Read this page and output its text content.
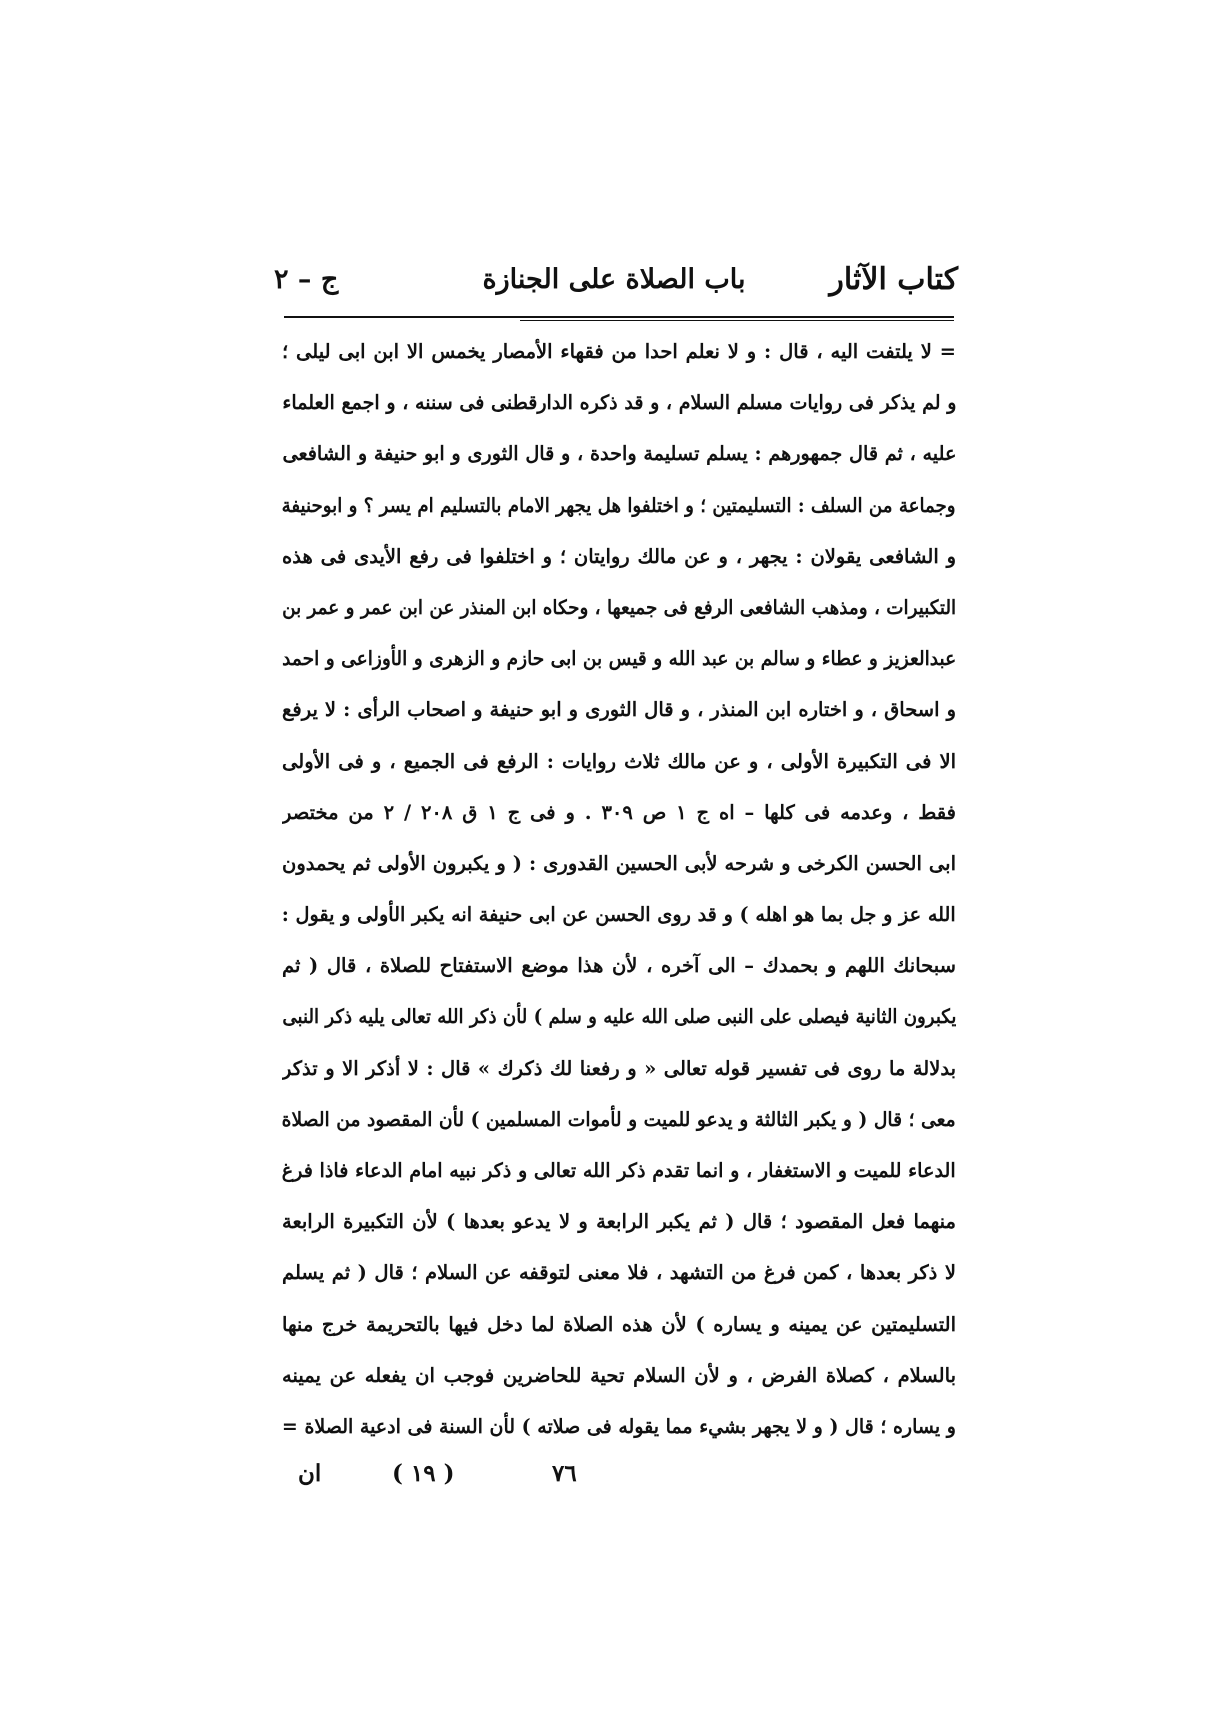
كتاب الآثار
باب الصلاة على الجنازة
ج – ٢
= لا يلتفت اليه ، قال : و لا نعلم احدا من فقهاء الأمصار يخمس الا ابن ابى ليلى ؛
و لم يذكر فى روايات مسلم السلام ، و قد ذكره الدارقطنى فى سننه ، و اجمع العلماء
عليه ، ثم قال جمهورهم : يسلم تسليمة واحدة ، و قال الثورى و ابو حنيفة و الشافعى
وجماعة من السلف : التسليمتين ؛ و اختلفوا هل يجهر الامام بالتسليم ام يسر ؟ و ابوحنيفة
و الشافعى يقولان : يجهر ، و عن مالك روايتان ؛ و اختلفوا فى رفع الأيدى فى هذه
التكبيرات ، ومذهب الشافعى الرفع فى جميعها ، وحكاه ابن المنذر عن ابن عمر و عمر بن
عبدالعزيز و عطاء و سالم بن عبد الله و قيس بن ابى حازم و الزهرى و الأوزاعى و احمد
و اسحاق ، و اختاره ابن المنذر ، و قال الثورى و ابو حنيفة و اصحاب الرأى : لا يرفع
الا فى التكبيرة الأولى ، و عن مالك ثلاث روايات : الرفع فى الجميع ، و فى الأولى
فقط ، وعدمه فى كلها – اه ج ١ ص ٣٠٩ . و فى ج ١ ق ٢٠٨ / ٢ من مختصر
ابى الحسن الكرخى و شرحه لأبى الحسين القدورى : ( و يكبرون الأولى ثم يحمدون
الله عز و جل بما هو اهله ) و قد روى الحسن عن ابى حنيفة انه يكبر الأولى و يقول :
سبحانك اللهم و بحمدك – الى آخره ، لأن هذا موضع الاستفتاح للصلاة ، قال ( ثم
يكبرون الثانية فيصلى على النبى صلى الله عليه و سلم ) لأن ذكر الله تعالى يليه ذكر النبى
بدلالة ما روى فى تفسير قوله تعالى « و رفعنا لك ذكرك » قال : لا أذكر الا و تذكر
معى ؛ قال ( و يكبر الثالثة و يدعو للميت و لأموات المسلمين ) لأن المقصود من الصلاة
الدعاء للميت و الاستغفار ، و انما تقدم ذكر الله تعالى و ذكر نبيه امام الدعاء فاذا فرغ
منهما فعل المقصود ؛ قال ( ثم يكبر الرابعة و لا يدعو بعدها ) لأن التكبيرة الرابعة
لا ذكر بعدها ، كمن فرغ من التشهد ، فلا معنى لتوقفه عن السلام ؛ قال ( ثم يسلم
التسليمتين عن يمينه و يساره ) لأن هذه الصلاة لما دخل فيها بالتحريمة خرج منها
بالسلام ، كصلاة الفرض ، و لأن السلام تحية للحاضرين فوجب ان يفعله عن يمينه
و يساره ؛ قال ( و لا يجهر بشيء مما يقوله فى صلاته ) لأن السنة فى ادعية الصلاة =
ان	( ١٩ )	٧٦
